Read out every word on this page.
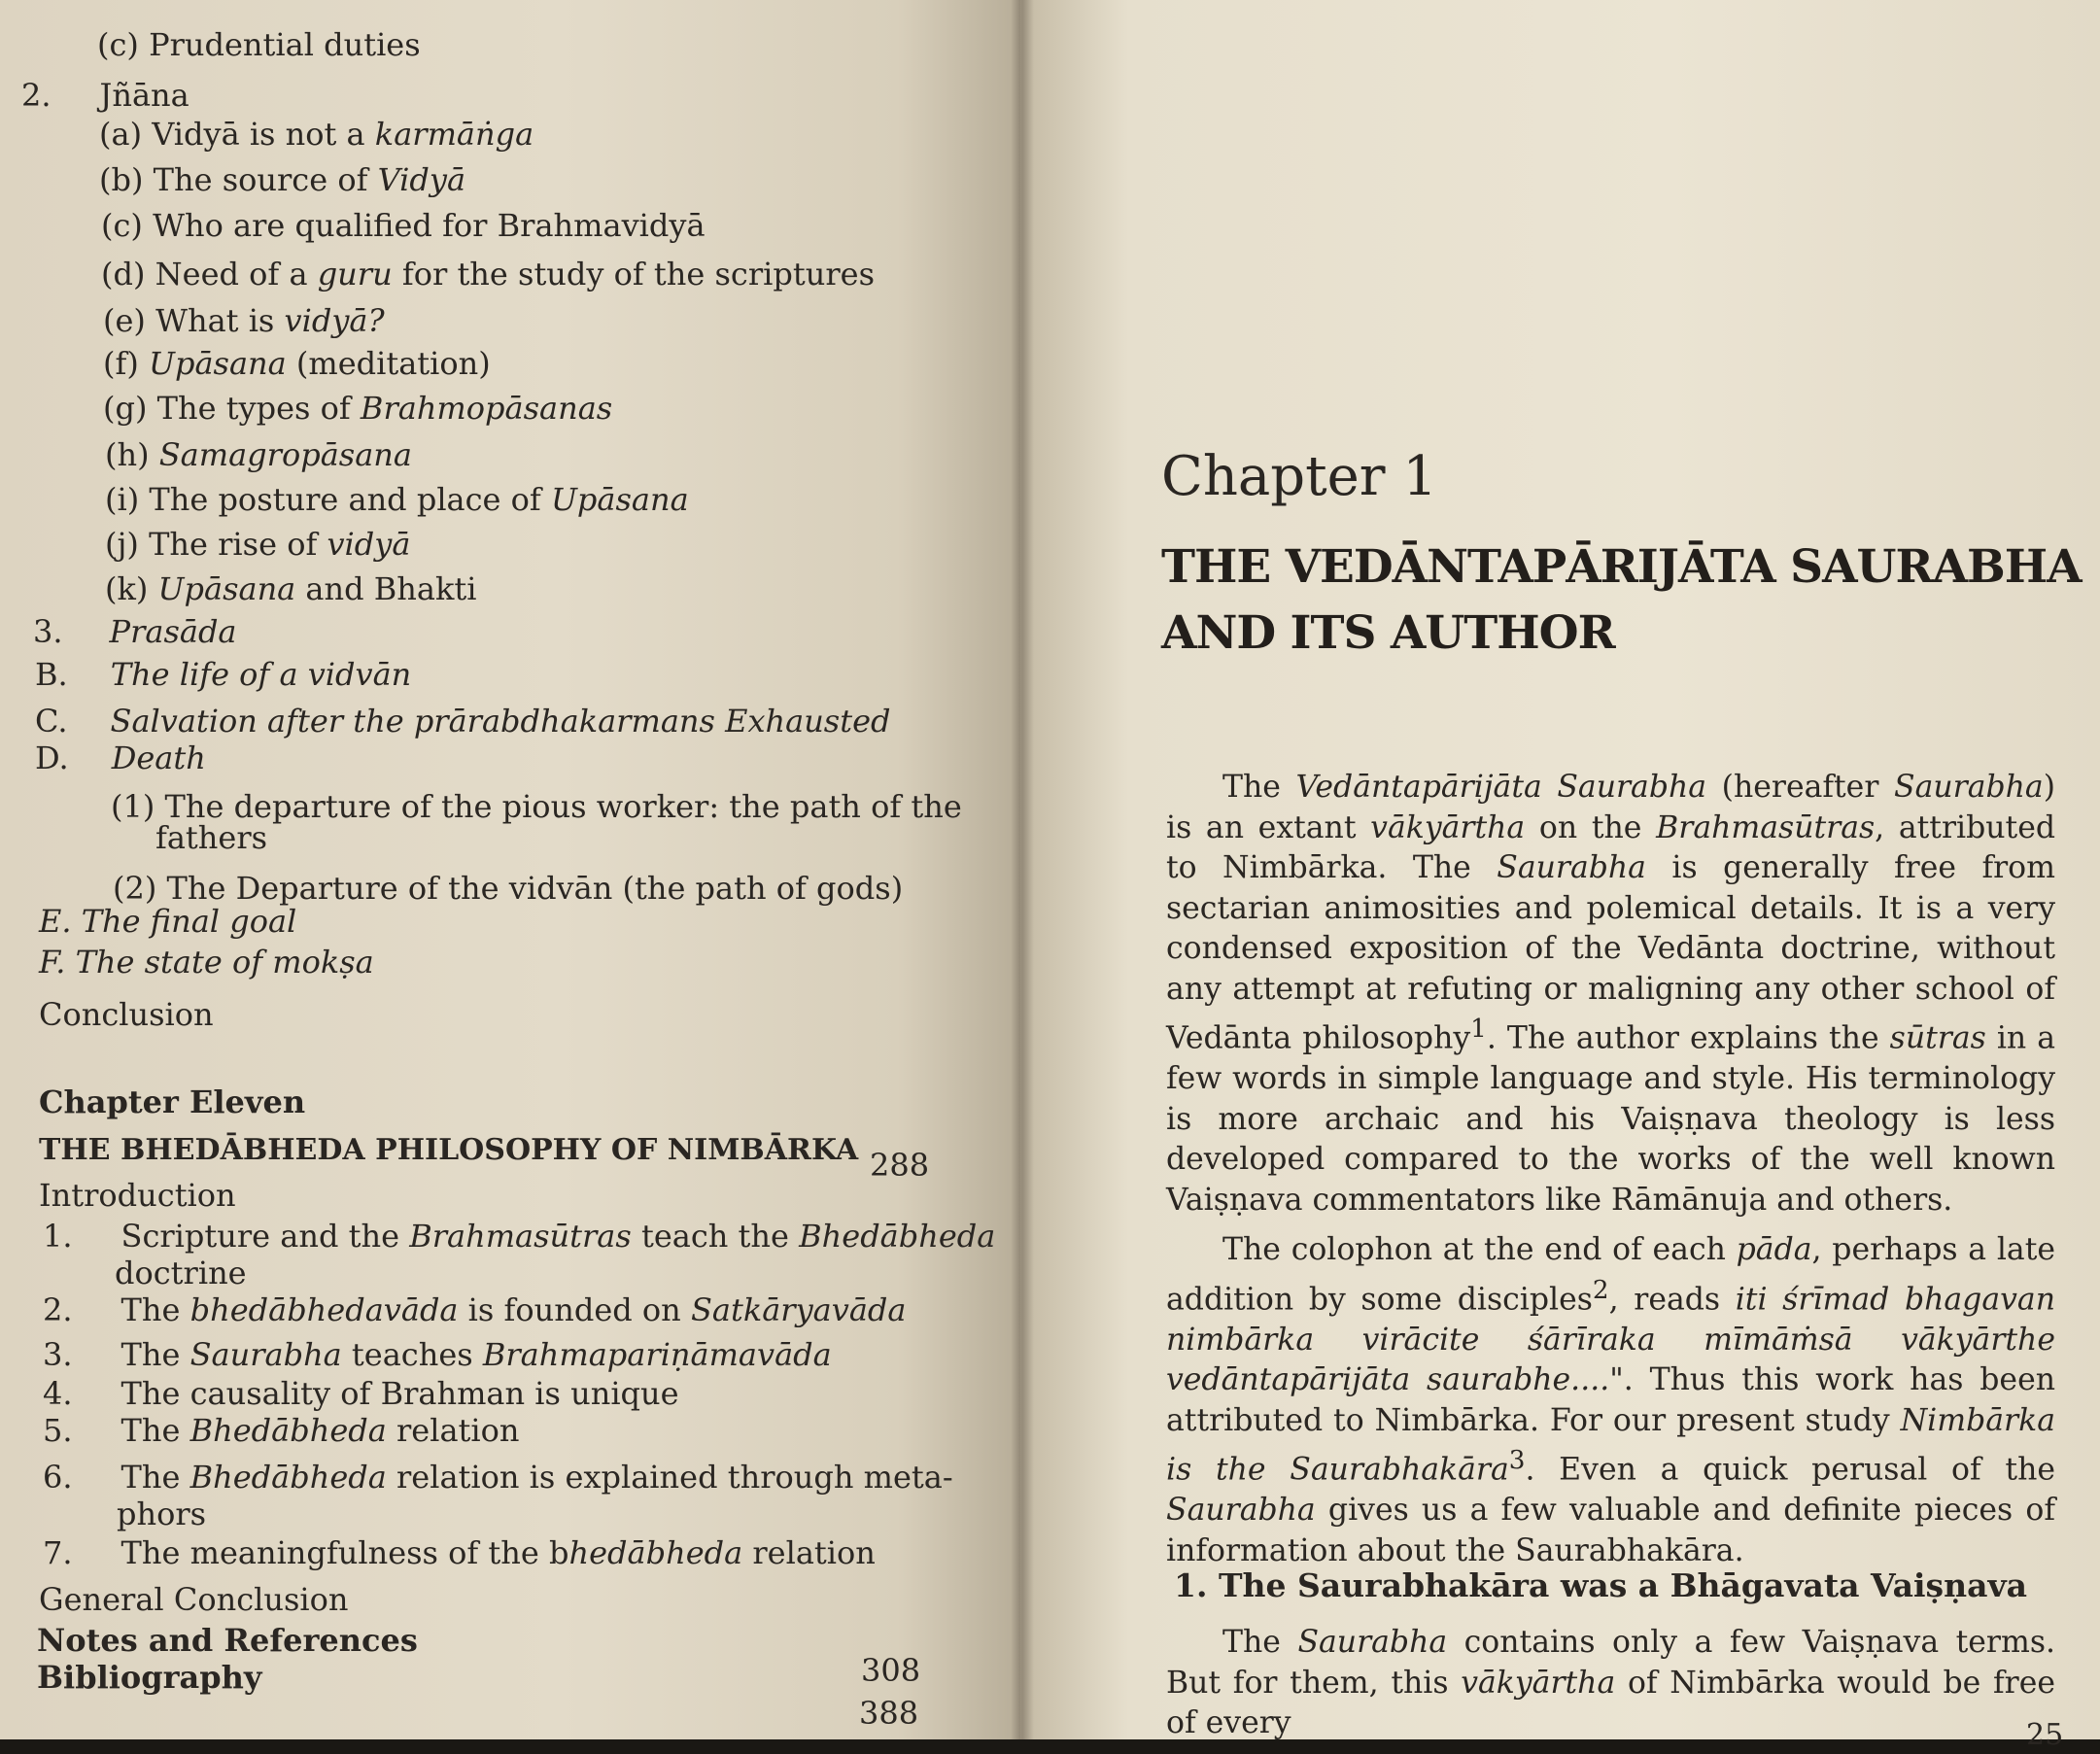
(c) Prudential duties
2. Jñāna
(a) Vidyā is not a karmāṅga
(b) The source of Vidyā
(c) Who are qualified for Brahmavidyā
(d) Need of a guru for the study of the scriptures
(e) What is vidyā?
(f) Upāsana (meditation)
(g) The types of Brahmopāsanas
(h) Samagropāsana
(i) The posture and place of Upāsana
(j) The rise of vidyā
(k) Upāsana and Bhakti
3. Prasāda
B. The life of a vidvān
C. Salvation after the prārabdhakarmans Exhausted
D. Death
(1) The departure of the pious worker: the path of the
fathers
(2) The Departure of the vidvān (the path of gods)
E. The final goal
F. The state of mokṣa
Conclusion
Chapter Eleven
THE BHEDĀBHEDA PHILOSOPHY OF NIMBĀRKA 288
Introduction
1. Scripture and the Brahmasūtras teach the Bhedābheda
doctrine
2. The bhedābhedavāda is founded on Satkāryavāda
3. The Saurabha teaches Brahmapariṇāmavāda
4. The causality of Brahman is unique
5. The Bhedābheda relation
6. The Bhedābheda relation is explained through meta-
phors
7. The meaningfulness of the bhedābheda relation
General Conclusion
Notes and References
Bibliography	308
388
Chapter 1
THE VEDĀNTAPĀRIJĀTA SAURABHA
AND ITS AUTHOR

The Vedāntapārijāta Saurabha (hereafter Saurabha) is an extant vākyārtha on the Brahmasūtras, attributed to Nimbārka. The Saurabha is generally free from sectarian animosities and polemical details. It is a very condensed exposition of the Vedānta doctrine, without any attempt at refuting or maligning any other school of Vedānta philosophy$^1$. The author explains the sūtras in a few words in simple language and style. His terminology is more archaic and his Vaiṣṇava theology is less developed compared to the works of the well known Vaiṣṇava commentators like Rāmānuja and others.

The colophon at the end of each pāda, perhaps a late addition by some disciples$^2$, reads iti śrīmad bhagavan nimbārka virācite śārīraka mīmāṁsā vākyārthe vedāntapārijāta saurabhe....". Thus this work has been attributed to Nimbārka. For our present study Nimbārka is the Saurabhakāra$^3$. Even a quick perusal of the Saurabha gives us a few valuable and definite pieces of information about the Saurabhakāra.

1. The Saurabhakāra was a Bhāgavata Vaiṣṇava

The Saurabha contains only a few Vaiṣṇava terms. But for them, this vākyārtha of Nimbārka would be free of every	25
